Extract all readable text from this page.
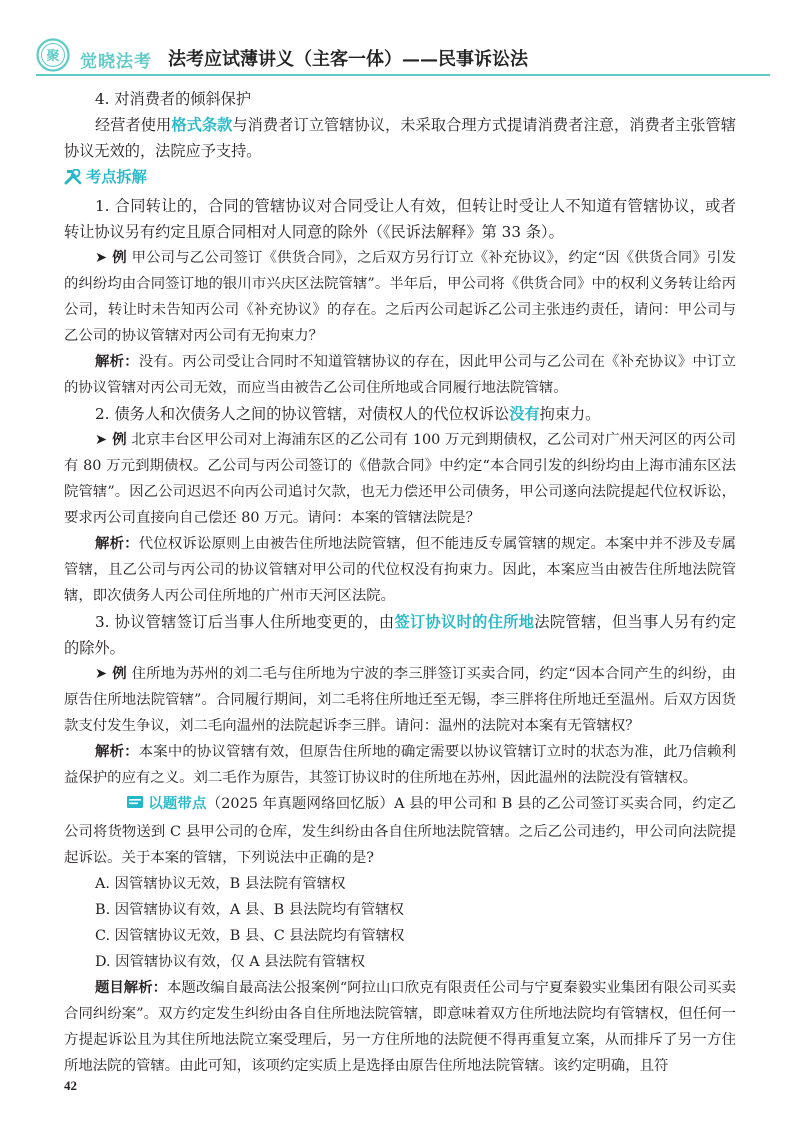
聚 觉晓法考 法考应试薄讲义（主客一体）——民事诉讼法

4. 对消费者的倾斜保护

经营者使用格式条款与消费者订立管辖协议，未采取合理方式提请消费者注意，消费者主张管辖协议无效的，法院应予支持。

考点拆解

1. 合同转让的，合同的管辖协议对合同受让人有效，但转让时受让人不知道有管辖协议，或者转让协议另有约定且原合同相对人同意的除外（《民诉法解释》第 33 条）。

➤ 例 甲公司与乙公司签订《供货合同》，之后双方另行订立《补充协议》，约定“因《供货合同》引发的纠纷均由合同签订地的银川市兴庆区法院管辖”。半年后，甲公司将《供货合同》中的权利义务转让给丙公司，转让时未告知丙公司《补充协议》的存在。之后丙公司起诉乙公司主张违约责任，请问：甲公司与乙公司的协议管辖对丙公司有无拘束力？

解析：没有。丙公司受让合同时不知道管辖协议的存在，因此甲公司与乙公司在《补充协议》中订立的协议管辖对丙公司无效，而应当由被告乙公司住所地或合同履行地法院管辖。

2. 债务人和次债务人之间的协议管辖，对债权人的代位权诉讼没有拘束力。

➤ 例 北京丰台区甲公司对上海浦东区的乙公司有 100 万元到期债权，乙公司对广州天河区的丙公司有 80 万元到期债权。乙公司与丙公司签订的《借款合同》中约定“本合同引发的纠纷均由上海市浦东区法院管辖”。因乙公司迟迟不向丙公司追讨欠款，也无力偿还甲公司债务，甲公司遂向法院提起代位权诉讼，要求丙公司直接向自己偿还 80 万元。请问：本案的管辖法院是？

解析：代位权诉讼原则上由被告住所地法院管辖，但不能违反专属管辖的规定。本案中并不涉及专属管辖，且乙公司与丙公司的协议管辖对甲公司的代位权没有拘束力。因此，本案应当由被告住所地法院管辖，即次债务人丙公司住所地的广州市天河区法院。

3. 协议管辖签订后当事人住所地变更的，由签订协议时的住所地法院管辖，但当事人另有约定的除外。

➤ 例 住所地为苏州的刘二毛与住所地为宁波的李三胖签订买卖合同，约定“因本合同产生的纠纷，由原告住所地法院管辖”。合同履行期间，刘二毛将住所地迁至无锡，李三胖将住所地迁至温州。后双方因货款支付发生争议，刘二毛向温州的法院起诉李三胖。请问：温州的法院对本案有无管辖权？

解析：本案中的协议管辖有效，但原告住所地的确定需要以协议管辖订立时的状态为准，此乃信赖利益保护的应有之义。刘二毛作为原告，其签订协议时的住所地在苏州，因此温州的法院没有管辖权。

以题带点（2025 年真题网络回忆版）A 县的甲公司和 B 县的乙公司签订买卖合同，约定乙公司将货物送到 C 县甲公司的仓库，发生纠纷由各自住所地法院管辖。之后乙公司违约，甲公司向法院提起诉讼。关于本案的管辖，下列说法中正确的是?

A. 因管辖协议无效，B 县法院有管辖权

B. 因管辖协议有效，A 县、B 县法院均有管辖权

C. 因管辖协议无效，B 县、C 县法院均有管辖权

D. 因管辖协议有效，仅 A 县法院有管辖权

题目解析：本题改编自最高法公报案例“阿拉山口欣克有限责任公司与宁夏秦毅实业集团有限公司买卖合同纠纷案”。双方约定发生纠纷由各自住所地法院管辖，即意味着双方住所地法院均有管辖权，但任何一方提起诉讼且为其住所地法院立案受理后，另一方住所地的法院便不得再重复立案，从而排斥了另一方住所地法院的管辖。由此可知，该项约定实质上是选择由原告住所地法院管辖。该约定明确，且符

42
